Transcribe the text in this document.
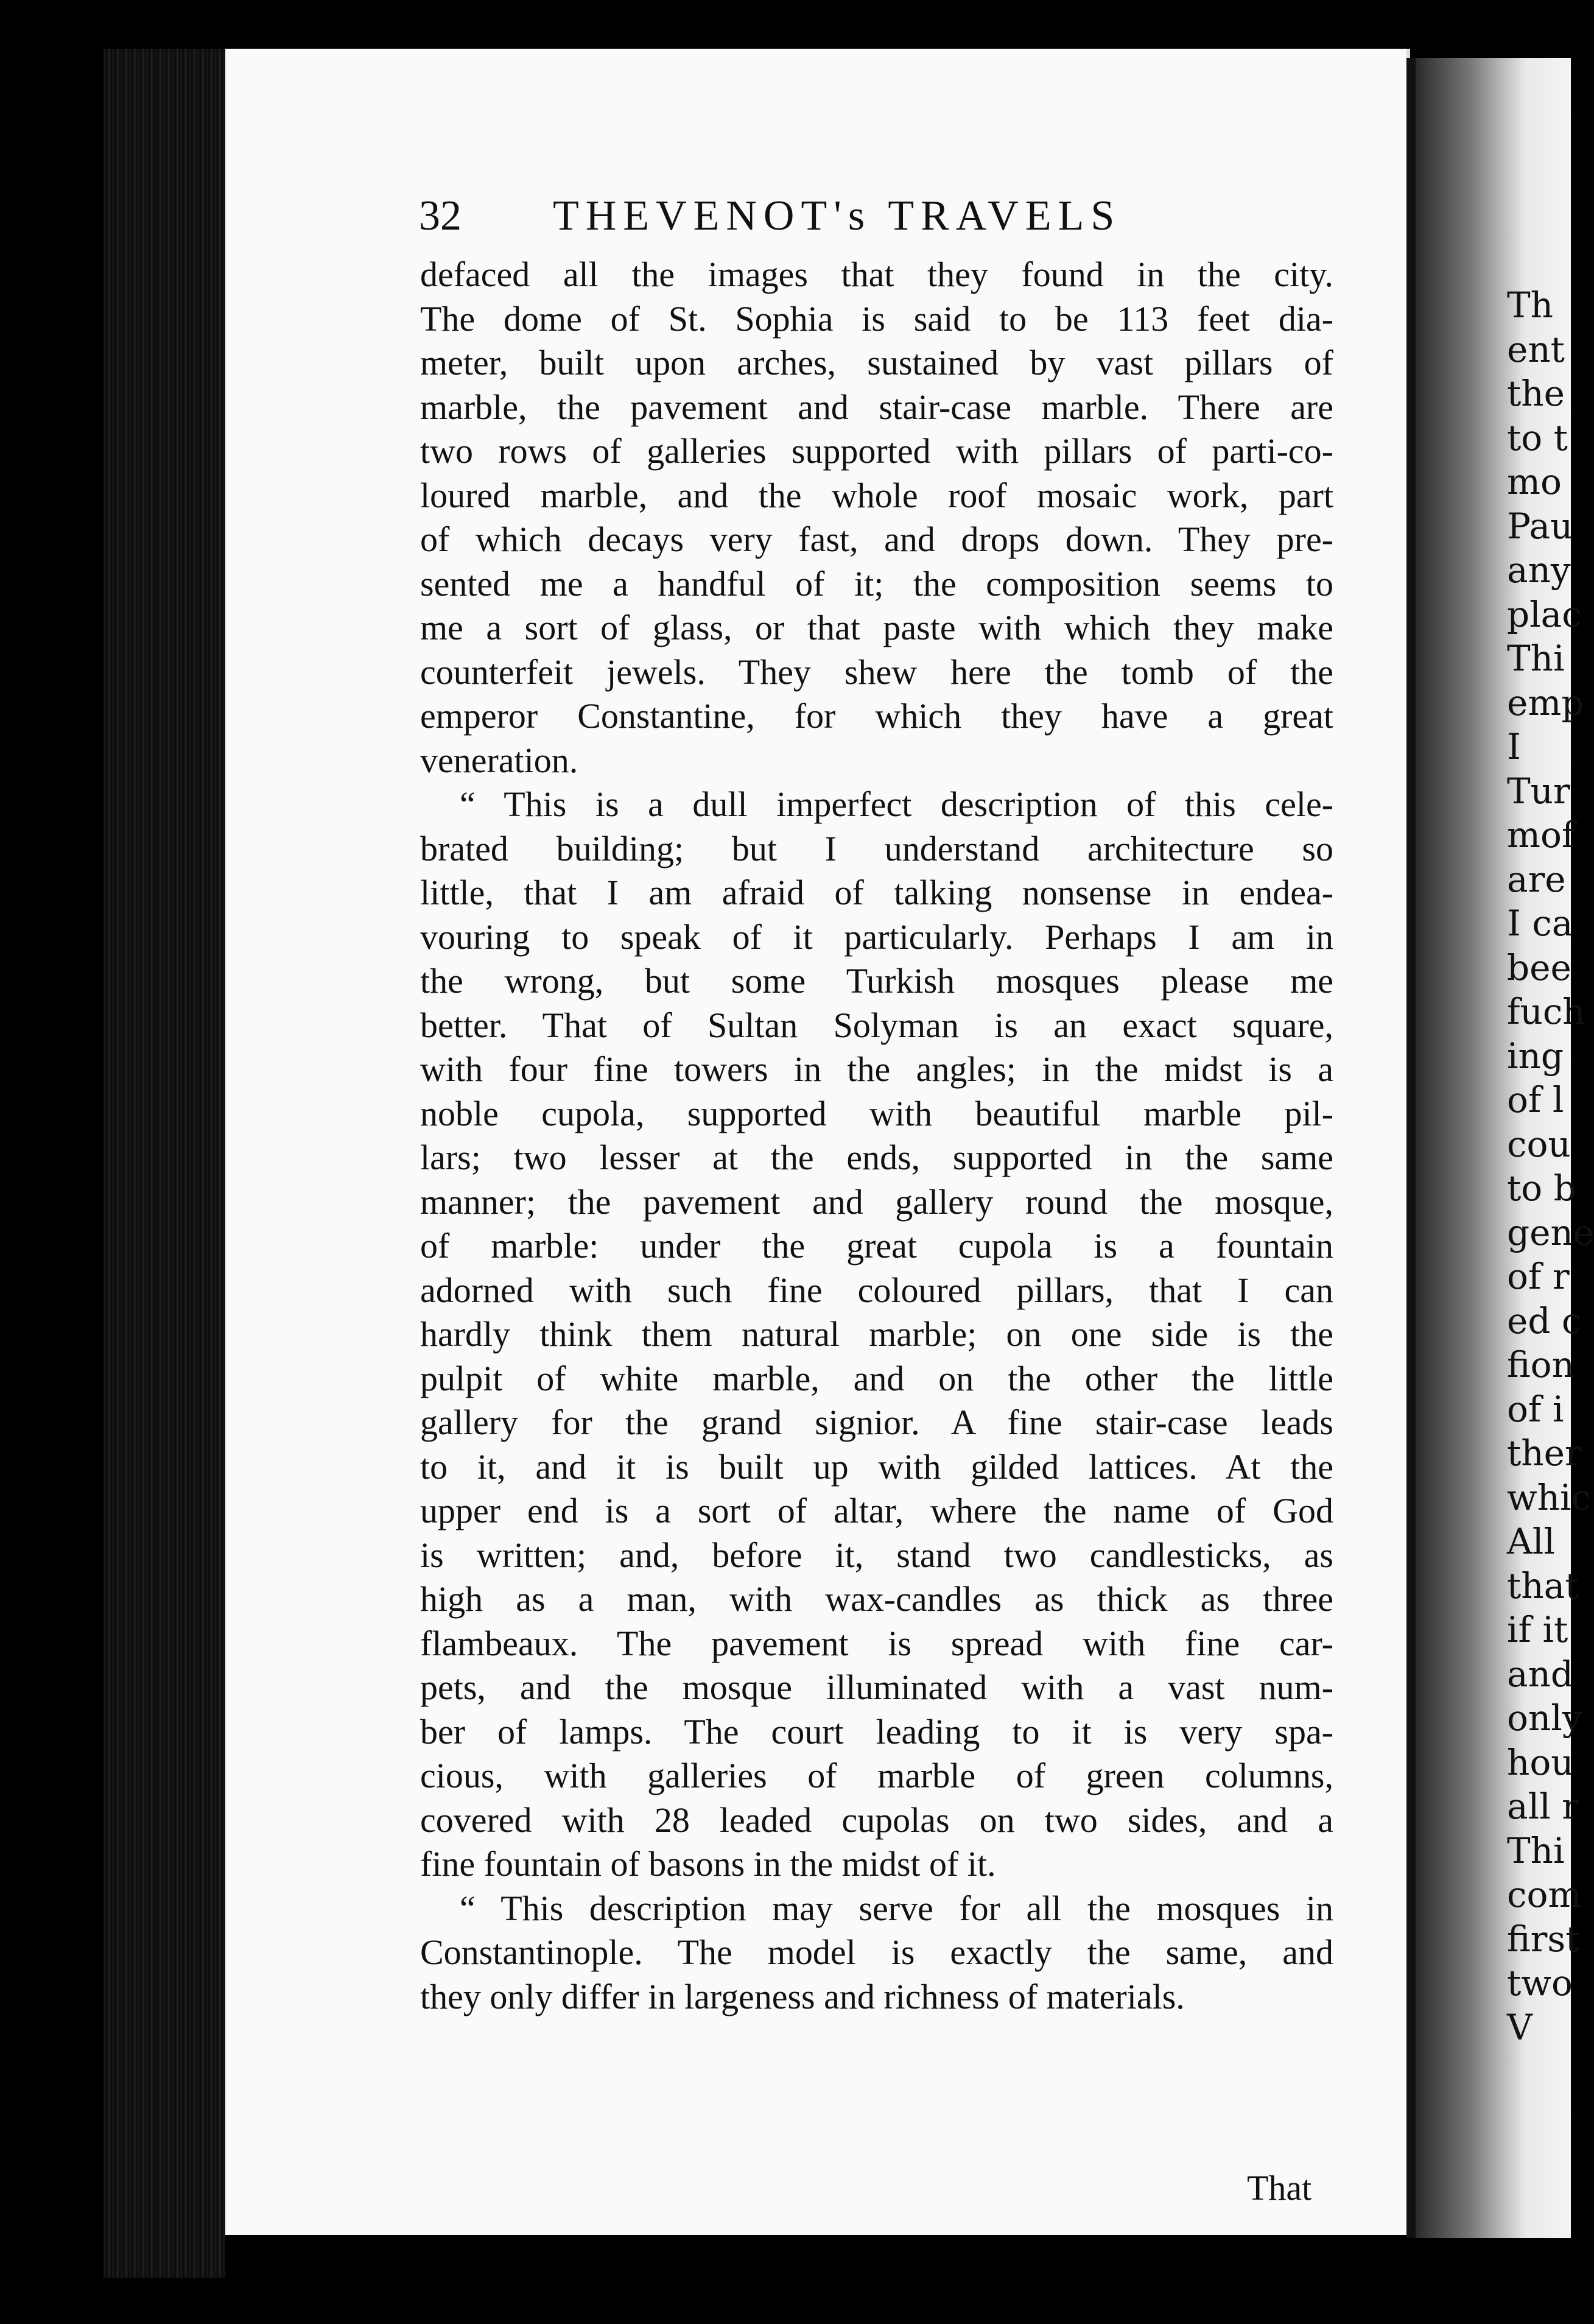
Th
ent
the
to t
mo
Pau
any
plac
Thi
emp
I
Tur
mof
are
I ca
bee
fuch
ing
of l
cou
to b
gene
of r
ed c
fion
of i
ther
whic
All
that
if it
and
only
hou
all r
Thi
com
first
two
V
32 THEVENOT's TRAVELS
defaced all the images that they found in the city.
The dome of St. Sophia is said to be 113 feet dia-
meter, built upon arches, sustained by vast pillars of
marble, the pavement and stair-case marble. There are
two rows of galleries supported with pillars of parti-co-
loured marble, and the whole roof mosaic work, part
of which decays very fast, and drops down. They pre-
sented me a handful of it; the composition seems to
me a sort of glass, or that paste with which they make
counterfeit jewels. They shew here the tomb of the
emperor Constantine, for which they have a great
veneration.
“ This is a dull imperfect description of this cele-
brated building; but I understand architecture so
little, that I am afraid of talking nonsense in endea-
vouring to speak of it particularly. Perhaps I am in
the wrong, but some Turkish mosques please me
better. That of Sultan Solyman is an exact square,
with four fine towers in the angles; in the midst is a
noble cupola, supported with beautiful marble pil-
lars; two lesser at the ends, supported in the same
manner; the pavement and gallery round the mosque,
of marble: under the great cupola is a fountain
adorned with such fine coloured pillars, that I can
hardly think them natural marble; on one side is the
pulpit of white marble, and on the other the little
gallery for the grand signior. A fine stair-case leads
to it, and it is built up with gilded lattices. At the
upper end is a sort of altar, where the name of God
is written; and, before it, stand two candlesticks, as
high as a man, with wax-candles as thick as three
flambeaux. The pavement is spread with fine car-
pets, and the mosque illuminated with a vast num-
ber of lamps. The court leading to it is very spa-
cious, with galleries of marble of green columns,
covered with 28 leaded cupolas on two sides, and a
fine fountain of basons in the midst of it.
“ This description may serve for all the mosques in
Constantinople. The model is exactly the same, and
they only differ in largeness and richness of materials.
That
